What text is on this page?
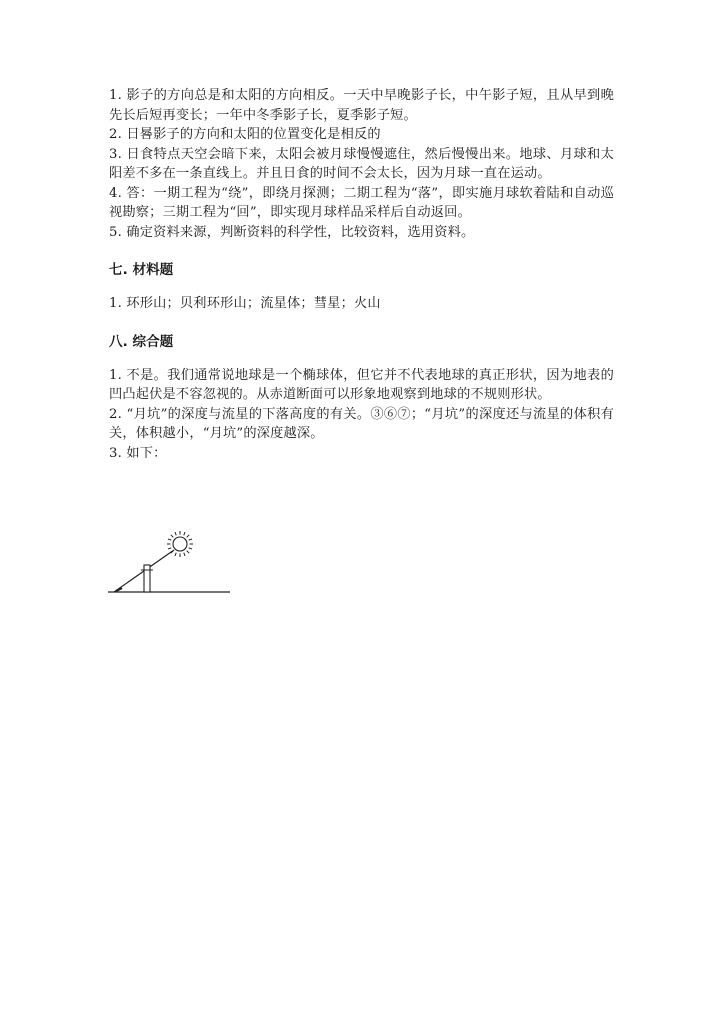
1. 影子的方向总是和太阳的方向相反。一天中早晚影子长，中午影子短，且从早到晚先长后短再变长；一年中冬季影子长，夏季影子短。

2. 日晷影子的方向和太阳的位置变化是相反的

3. 日食特点天空会暗下来，太阳会被月球慢慢遮住，然后慢慢出来。地球、月球和太阳差不多在一条直线上。并且日食的时间不会太长，因为月球一直在运动。

4. 答：一期工程为“绕”，即绕月探测；二期工程为“落”，即实施月球软着陆和自动巡视勘察；三期工程为“回”，即实现月球样品采样后自动返回。

5. 确定资料来源，判断资料的科学性，比较资料，选用资料。

七. 材料题

1. 环形山；贝利环形山；流星体；彗星；火山

八. 综合题

1. 不是。我们通常说地球是一个椭球体，但它并不代表地球的真正形状，因为地表的凹凸起伏是不容忽视的。从赤道断面可以形象地观察到地球的不规则形状。

2. “月坑”的深度与流星的下落高度的有关。③⑥⑦；“月坑”的深度还与流星的体积有关，体积越小，“月坑”的深度越深。

3. 如下：
